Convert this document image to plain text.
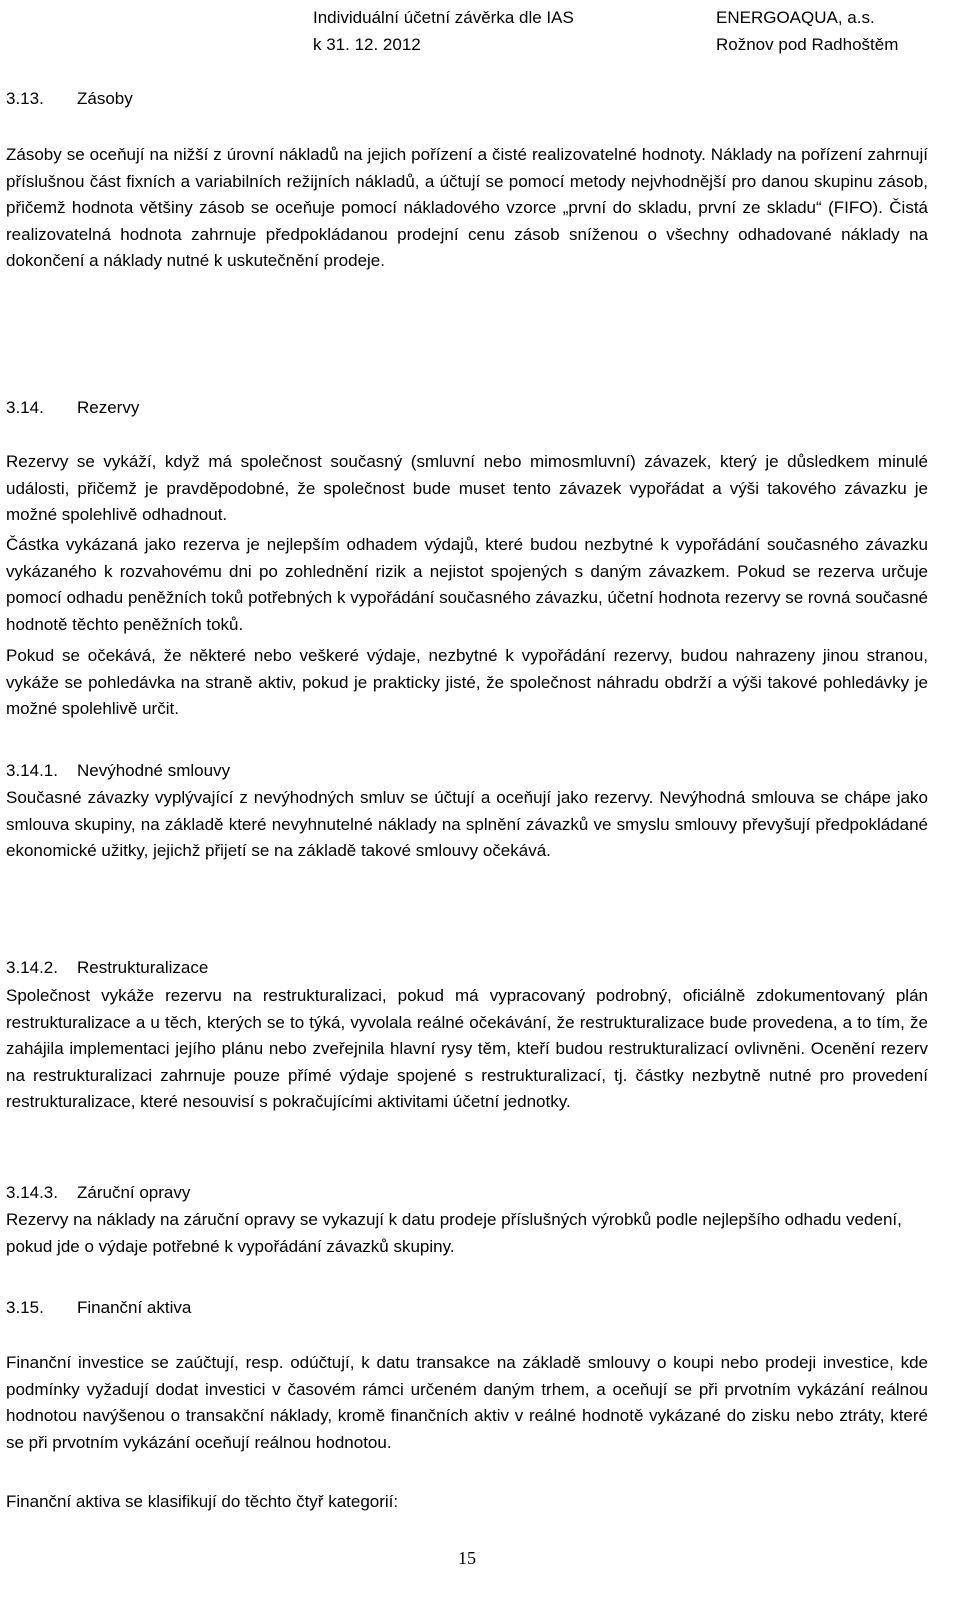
Individuální účetní závěrka dle IAS
k 31. 12. 2012
ENERGOAQUA, a.s.
Rožnov pod Radhoštěm
3.13. Zásoby

Zásoby se oceňují na nižší z úrovní nákladů na jejich pořízení a čisté realizovatelné hodnoty. Náklady na pořízení zahrnují příslušnou část fixních a variabilních režijních nákladů, a účtují se pomocí metody nejvhodnější pro danou skupinu zásob, přičemž hodnota většiny zásob se oceňuje pomocí nákladového vzorce „první do skladu, první ze skladu“ (FIFO). Čistá realizovatelná hodnota zahrnuje předpokládanou prodejní cenu zásob sníženou o všechny odhadované náklady na dokončení a náklady nutné k uskutečnění prodeje.

3.14. Rezervy

Rezervy se vykáží, když má společnost současný (smluvní nebo mimosmluvní) závazek, který je důsledkem minulé události, přičemž je pravděpodobné, že společnost bude muset tento závazek vypořádat a výši takového závazku je možné spolehlivě odhadnout.

Částka vykázaná jako rezerva je nejlepším odhadem výdajů, které budou nezbytné k vypořádání současného závazku vykázaného k rozvahovému dni po zohlednění rizik a nejistot spojených s daným závazkem. Pokud se rezerva určuje pomocí odhadu peněžních toků potřebných k vypořádání současného závazku, účetní hodnota rezervy se rovná současné hodnotě těchto peněžních toků.

Pokud se očekává, že některé nebo veškeré výdaje, nezbytné k vypořádání rezervy, budou nahrazeny jinou stranou, vykáže se pohledávka na straně aktiv, pokud je prakticky jisté, že společnost náhradu obdrží a výši takové pohledávky je možné spolehlivě určit.

3.14.1. Nevýhodné smlouvy

Současné závazky vyplývající z nevýhodných smluv se účtují a oceňují jako rezervy. Nevýhodná smlouva se chápe jako smlouva skupiny, na základě které nevyhnutelné náklady na splnění závazků ve smyslu smlouvy převyšují předpokládané ekonomické užitky, jejichž přijetí se na základě takové smlouvy očekává.

3.14.2. Restrukturalizace

Společnost vykáže rezervu na restrukturalizaci, pokud má vypracovaný podrobný, oficiálně zdokumentovaný plán restrukturalizace a u těch, kterých se to týká, vyvolala reálné očekávání, že restrukturalizace bude provedena, a to tím, že zahájila implementaci jejího plánu nebo zveřejnila hlavní rysy těm, kteří budou restrukturalizací ovlivněni. Ocenění rezerv na restrukturalizaci zahrnuje pouze přímé výdaje spojené s restrukturalizací, tj. částky nezbytně nutné pro provedení restrukturalizace, které nesouvisí s pokračujícími aktivitami účetní jednotky.

3.14.3. Záruční opravy

Rezervy na náklady na záruční opravy se vykazují k datu prodeje příslušných výrobků podle nejlepšího odhadu vedení, pokud jde o výdaje potřebné k vypořádání závazků skupiny.

3.15. Finanční aktiva

Finanční investice se zaúčtují, resp. odúčtují, k datu transakce na základě smlouvy o koupi nebo prodeji investice, kde podmínky vyžadují dodat investici v časovém rámci určeném daným trhem, a oceňují se při prvotním vykázání reálnou hodnotou navýšenou o transakční náklady, kromě finančních aktiv v reálné hodnotě vykázané do zisku nebo ztráty, které se při prvotním vykázání oceňují reálnou hodnotou.

Finanční aktiva se klasifikují do těchto čtyř kategorií:

15
